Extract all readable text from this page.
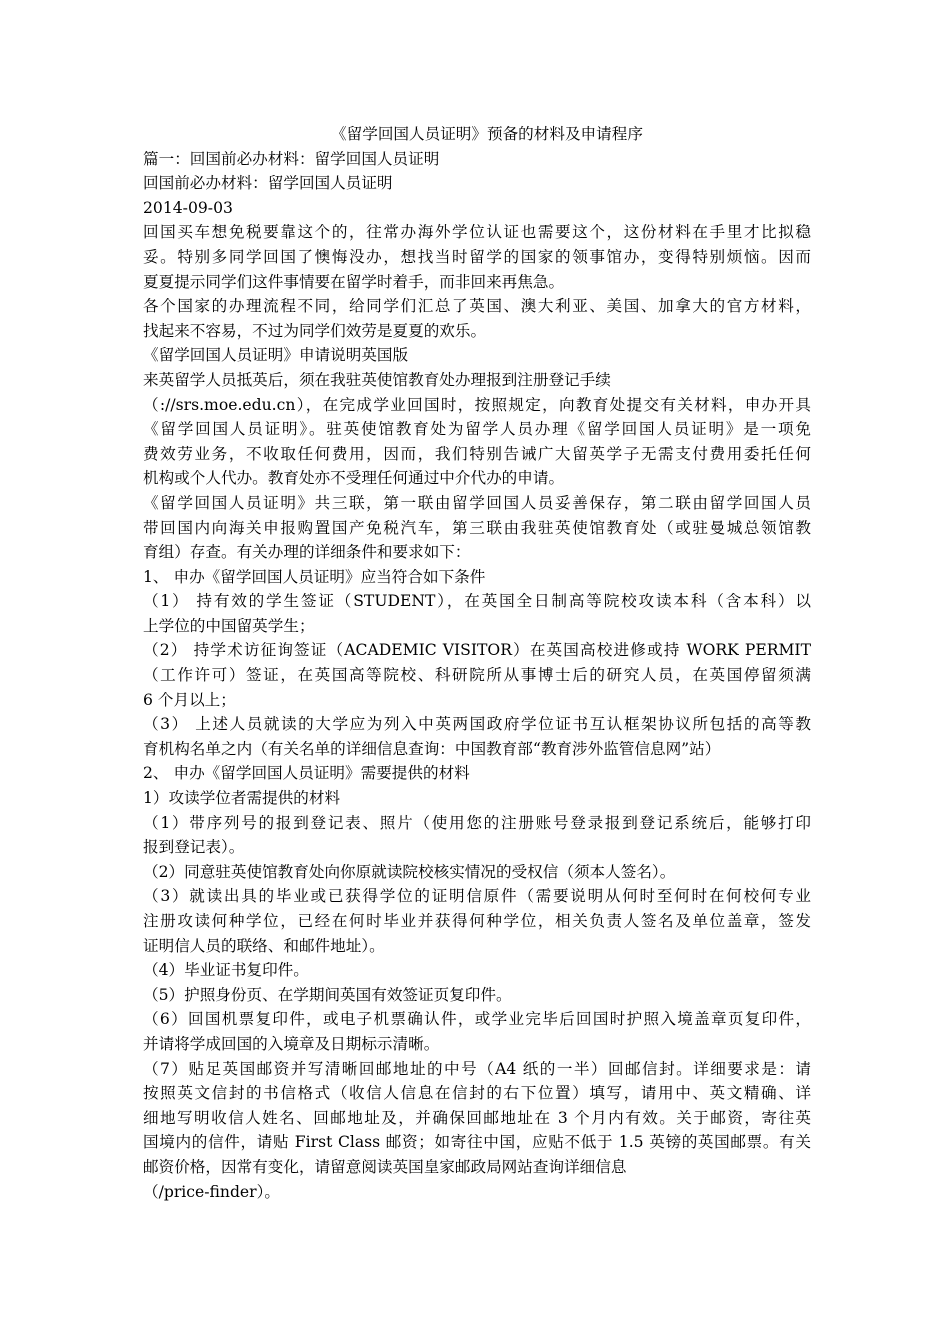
《留学回国人员证明》预备的材料及申请程序
篇一：回国前必办材料：留学回国人员证明
回国前必办材料：留学回国人员证明
2014-09-03
回国买车想免税要靠这个的，往常办海外学位认证也需要这个，这份材料在手里才比拟稳
妥。特别多同学回国了懊悔没办，想找当时留学的国家的领事馆办，变得特别烦恼。因而
夏夏提示同学们这件事情要在留学时着手，而非回来再焦急。
各个国家的办理流程不同，给同学们汇总了英国、澳大利亚、美国、加拿大的官方材料，
找起来不容易，不过为同学们效劳是夏夏的欢乐。
《留学回国人员证明》申请说明英国版
来英留学人员抵英后，须在我驻英使馆教育处办理报到注册登记手续
（://srs.moe.edu.cn），在完成学业回国时，按照规定，向教育处提交有关材料，申办开具
《留学回国人员证明》。驻英使馆教育处为留学人员办理《留学回国人员证明》是一项免
费效劳业务，不收取任何费用，因而，我们特别告诫广大留英学子无需支付费用委托任何
机构或个人代办。教育处亦不受理任何通过中介代办的申请。
《留学回国人员证明》共三联，第一联由留学回国人员妥善保存，第二联由留学回国人员
带回国内向海关申报购置国产免税汽车，第三联由我驻英使馆教育处（或驻曼城总领馆教
育组）存查。有关办理的详细条件和要求如下：
1、 申办《留学回国人员证明》应当符合如下条件
（1） 持有效的学生签证（STUDENT），在英国全日制高等院校攻读本科（含本科）以
上学位的中国留英学生；
（2） 持学术访征询签证（ACADEMIC VISITOR）在英国高校进修或持 WORK PERMIT
（工作许可）签证，在英国高等院校、科研院所从事博士后的研究人员，在英国停留须满
6 个月以上；
（3） 上述人员就读的大学应为列入中英两国政府学位证书互认框架协议所包括的高等教
育机构名单之内（有关名单的详细信息查询：中国教育部“教育涉外监管信息网”站）
2、 申办《留学回国人员证明》需要提供的材料
1）攻读学位者需提供的材料
（1）带序列号的报到登记表、照片（使用您的注册账号登录报到登记系统后，能够打印
报到登记表）。
（2）同意驻英使馆教育处向你原就读院校核实情况的受权信（须本人签名）。
（3）就读出具的毕业或已获得学位的证明信原件（需要说明从何时至何时在何校何专业
注册攻读何种学位，已经在何时毕业并获得何种学位，相关负责人签名及单位盖章，签发
证明信人员的联络、和邮件地址）。
（4）毕业证书复印件。
（5）护照身份页、在学期间英国有效签证页复印件。
（6）回国机票复印件，或电子机票确认件，或学业完毕后回国时护照入境盖章页复印件，
并请将学成回国的入境章及日期标示清晰。
（7）贴足英国邮资并写清晰回邮地址的中号（A4 纸的一半）回邮信封。详细要求是：请
按照英文信封的书信格式（收信人信息在信封的右下位置）填写，请用中、英文精确、详
细地写明收信人姓名、回邮地址及，并确保回邮地址在 3 个月内有效。关于邮资，寄往英
国境内的信件，请贴 First Class 邮资；如寄往中国，应贴不低于 1.5 英镑的英国邮票。有关
邮资价格，因常有变化，请留意阅读英国皇家邮政局网站查询详细信息
（/price-finder）。
